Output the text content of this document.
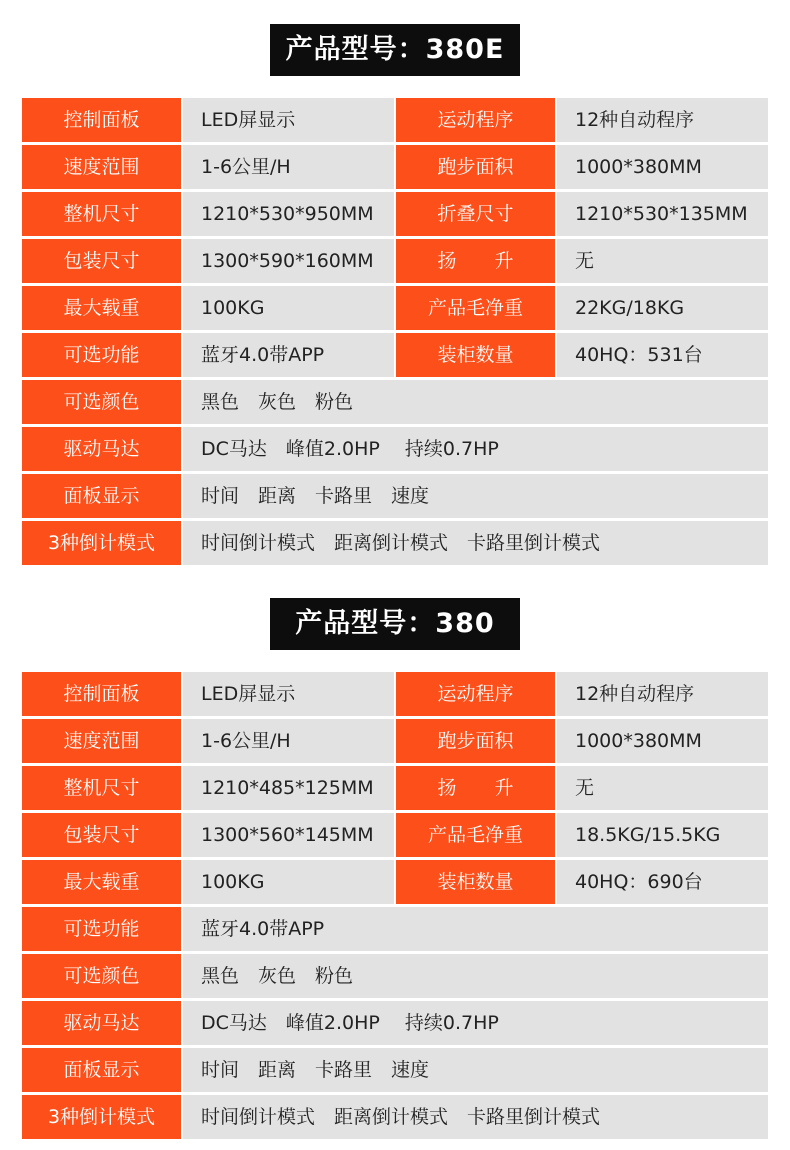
产品型号：380E
控制面板	LED屏显示	运动程序	12种自动程序
速度范围	1-6公里/H	跑步面积	1000*380MM
整机尺寸	1210*530*950MM	折叠尺寸	1210*530*135MM
包装尺寸	1300*590*160MM	扬　　升	无
最大载重	100KG	产品毛净重	22KG/18KG
可选功能	蓝牙4.0带APP	装柜数量	40HQ：531台
可选颜色	黑色　灰色　粉色
驱动马达	DC马达　峰值2.0HP　 持续0.7HP
面板显示	时间　距离　卡路里　速度
3种倒计模式	时间倒计模式　距离倒计模式　卡路里倒计模式
产品型号：380
控制面板	LED屏显示	运动程序	12种自动程序
速度范围	1-6公里/H	跑步面积	1000*380MM
整机尺寸	1210*485*125MM	扬　　升	无
包装尺寸	1300*560*145MM	产品毛净重	18.5KG/15.5KG
最大载重	100KG	装柜数量	40HQ：690台
可选功能	蓝牙4.0带APP
可选颜色	黑色　灰色　粉色
驱动马达	DC马达　峰值2.0HP　 持续0.7HP
面板显示	时间　距离　卡路里　速度
3种倒计模式	时间倒计模式　距离倒计模式　卡路里倒计模式
